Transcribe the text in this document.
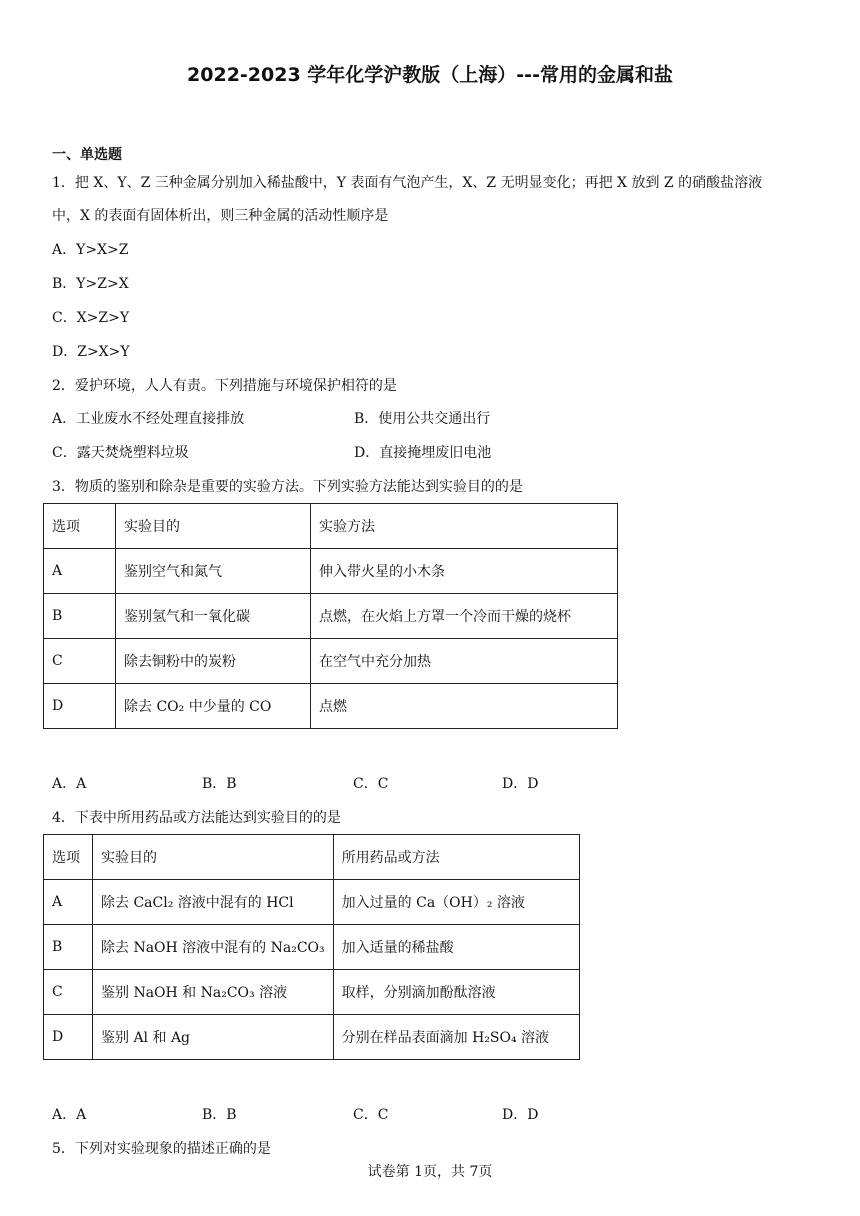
2022-2023 学年化学沪教版（上海）---常用的金属和盐
一、单选题
1．把 X、Y、Z 三种金属分别加入稀盐酸中，Y 表面有气泡产生，X、Z 无明显变化；再把 X 放到 Z 的硝酸盐溶液
中，X 的表面有固体析出，则三种金属的活动性顺序是
A．Y>X>Z
B．Y>Z>X
C．X>Z>Y
D．Z>X>Y
2．爱护环境，人人有责。下列措施与环境保护相符的是
A．工业废水不经处理直接排放	B．使用公共交通出行
C．露天焚烧塑料垃圾	D．直接掩埋废旧电池
3．物质的鉴别和除杂是重要的实验方法。下列实验方法能达到实验目的的是
选项	实验目的	实验方法
A	鉴别空气和氮气	伸入带火星的小木条
B	鉴别氢气和一氧化碳	点燃，在火焰上方罩一个冷而干燥的烧杯
C	除去铜粉中的炭粉	在空气中充分加热
D	除去 CO₂ 中少量的 CO	点燃
A．A	B．B	C．C	D．D
4．下表中所用药品或方法能达到实验目的的是
选项	实验目的	所用药品或方法
A	除去 CaCl₂ 溶液中混有的 HCl	加入过量的 Ca（OH）₂ 溶液
B	除去 NaOH 溶液中混有的 Na₂CO₃	加入适量的稀盐酸
C	鉴别 NaOH 和 Na₂CO₃ 溶液	取样，分别滴加酚酞溶液
D	鉴别 Al 和 Ag	分别在样品表面滴加 H₂SO₄ 溶液
A．A	B．B	C．C	D．D
5．下列对实验现象的描述正确的是
试卷第 1页，共 7页
